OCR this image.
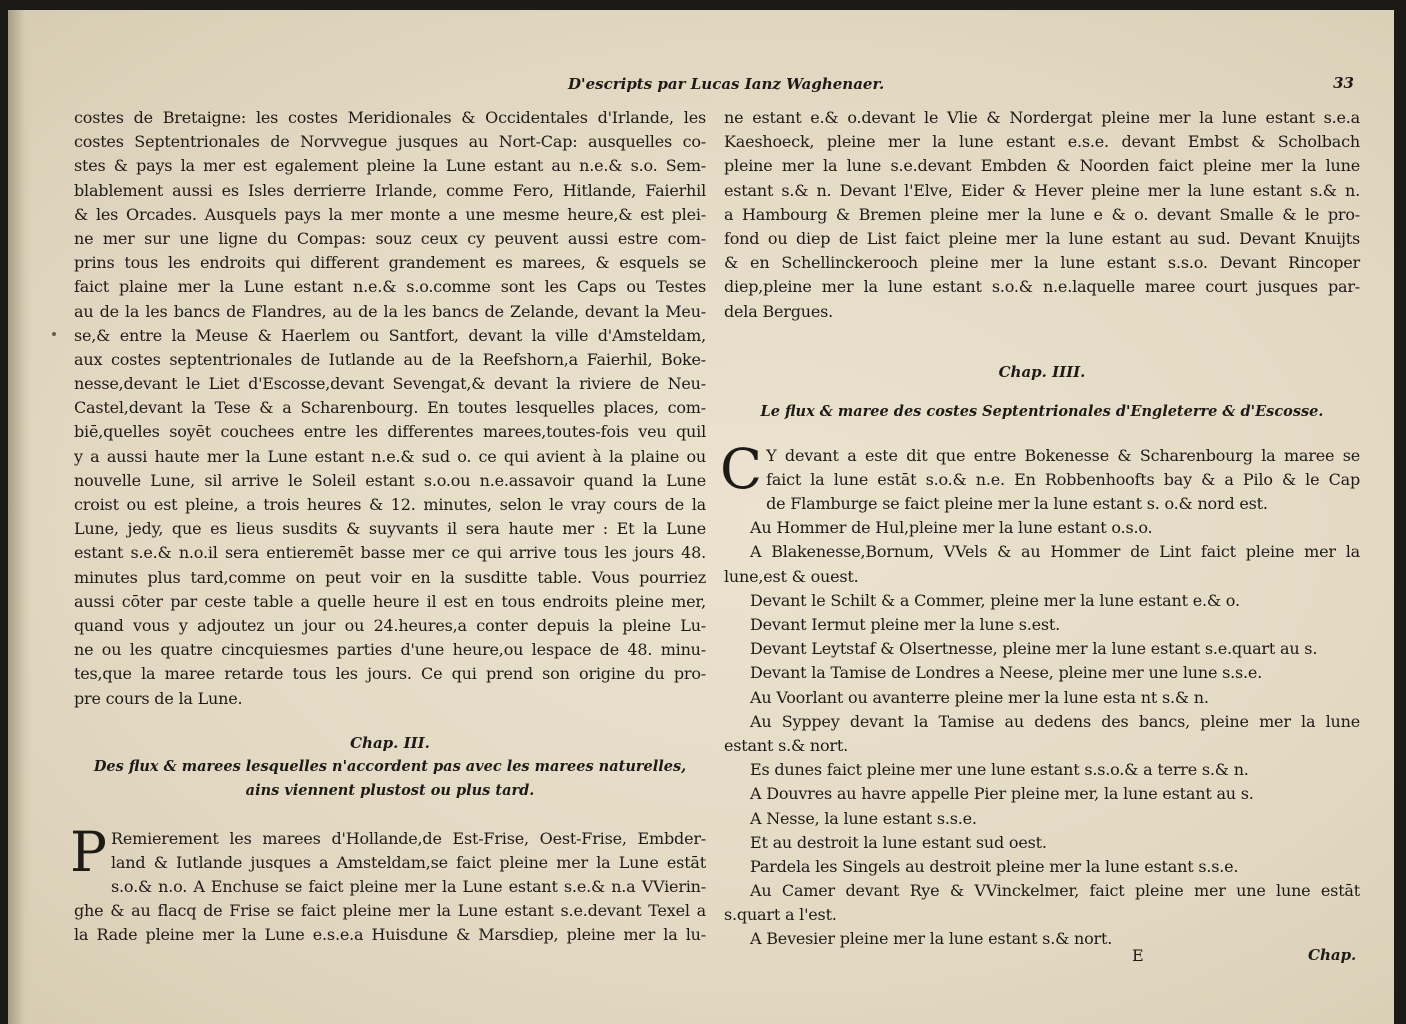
D'escripts par Lucas Ianz Waghenaer.	33
costes de Bretaigne: les costes Meridionales & Occidentales d'Irlande, les
costes Septentrionales de Norvvegue jusques au Nort-Cap: ausquelles co-
stes & pays la mer est egalement pleine la Lune estant au n.e.& s.o. Sem-
blablement aussi es Isles derrierre Irlande, comme Fero, Hitlande, Faierhil
& les Orcades. Ausquels pays la mer monte a une mesme heure,& est plei-
ne mer sur une ligne du Compas: souz ceux cy peuvent aussi estre com-
prins tous les endroits qui different grandement es marees, & esquels se
faict plaine mer la Lune estant n.e.& s.o.comme sont les Caps ou Testes
au de la les bancs de Flandres, au de la les bancs de Zelande, devant la Meu-
se,& entre la Meuse & Haerlem ou Santfort, devant la ville d'Amsteldam,
aux costes septentrionales de Iutlande au de la Reefshorn,a Faierhil, Boke-
nesse,devant le Liet d'Escosse,devant Sevengat,& devant la riviere de Neu-
Castel,devant la Tese & a Scharenbourg. En toutes lesquelles places, com-
biē,quelles soyēt couchees entre les differentes marees,toutes-fois veu quil
y a aussi haute mer la Lune estant n.e.& sud o. ce qui avient à la plaine ou
nouvelle Lune, sil arrive le Soleil estant s.o.ou n.e.assavoir quand la Lune
croist ou est pleine, a trois heures & 12. minutes, selon le vray cours de la
Lune, jedy, que es lieus susdits & suyvants il sera haute mer : Et la Lune
estant s.e.& n.o.il sera entieremēt basse mer ce qui arrive tous les jours 48.
minutes plus tard,comme on peut voir en la susditte table. Vous pourriez
aussi cōter par ceste table a quelle heure il est en tous endroits pleine mer,
quand vous y adjoutez un jour ou 24.heures,a conter depuis la pleine Lu-
ne ou les quatre cincquiesmes parties d'une heure,ou lespace de 48. minu-
tes,que la maree retarde tous les jours. Ce qui prend son origine du pro-
pre cours de la Lune.
Chap. III.
Des flux & marees lesquelles n'accordent pas avec les marees naturelles,
ains viennent plustost ou plus tard.
P Remierement les marees d'Hollande,de Est-Frise, Oest-Frise, Embder-
land & Iutlande jusques a Amsteldam,se faict pleine mer la Lune estāt
s.o.& n.o. A Enchuse se faict pleine mer la Lune estant s.e.& n.a VVierin-
ghe & au flacq de Frise se faict pleine mer la Lune estant s.e.devant Texel a
la Rade pleine mer la Lune e.s.e.a Huisdune & Marsdiep, pleine mer la lu-
ne estant e.& o.devant le Vlie & Nordergat pleine mer la lune estant s.e.a
Kaeshoeck, pleine mer la lune estant e.s.e. devant Embst & Scholbach
pleine mer la lune s.e.devant Embden & Noorden faict pleine mer la lune
estant s.& n. Devant l'Elve, Eider & Hever pleine mer la lune estant s.& n.
a Hambourg & Bremen pleine mer la lune e & o. devant Smalle & le pro-
fond ou diep de List faict pleine mer la lune estant au sud. Devant Knuijts
& en Schellinckerooch pleine mer la lune estant s.s.o. Devant Rincoper
diep,pleine mer la lune estant s.o.& n.e.laquelle maree court jusques par-
dela Bergues.
Chap. IIII.
Le flux & maree des costes Septentrionales d'Engleterre & d'Escosse.
C Y devant a este dit que entre Bokenesse & Scharenbourg la maree se
faict la lune estāt s.o.& n.e. En Robbenhoofts bay & a Pilo & le Cap
de Flamburge se faict pleine mer la lune estant s. o.& nord est.
Au Hommer de Hul,pleine mer la lune estant o.s.o.
A Blakenesse,Bornum, VVels & au Hommer de Lint faict pleine mer la
lune,est & ouest.
Devant le Schilt & a Commer, pleine mer la lune estant e.& o.
Devant Iermut pleine mer la lune s.est.
Devant Leytstaf & Olsertnesse, pleine mer la lune estant s.e.quart au s.
Devant la Tamise de Londres a Neese, pleine mer une lune s.s.e.
Au Voorlant ou avanterre pleine mer la lune esta nt s.& n.
Au Syppey devant la Tamise au dedens des bancs, pleine mer la lune
estant s.& nort.
Es dunes faict pleine mer une lune estant s.s.o.& a terre s.& n.
A Douvres au havre appelle Pier pleine mer, la lune estant au s.
A Nesse, la lune estant s.s.e.
Et au destroit la lune estant sud oest.
Pardela les Singels au destroit pleine mer la lune estant s.s.e.
Au Camer devant Rye & VVinckelmer, faict pleine mer une lune estāt
s.quart a l'est.
A Bevesier pleine mer la lune estant s.& nort.
E	Chap.
